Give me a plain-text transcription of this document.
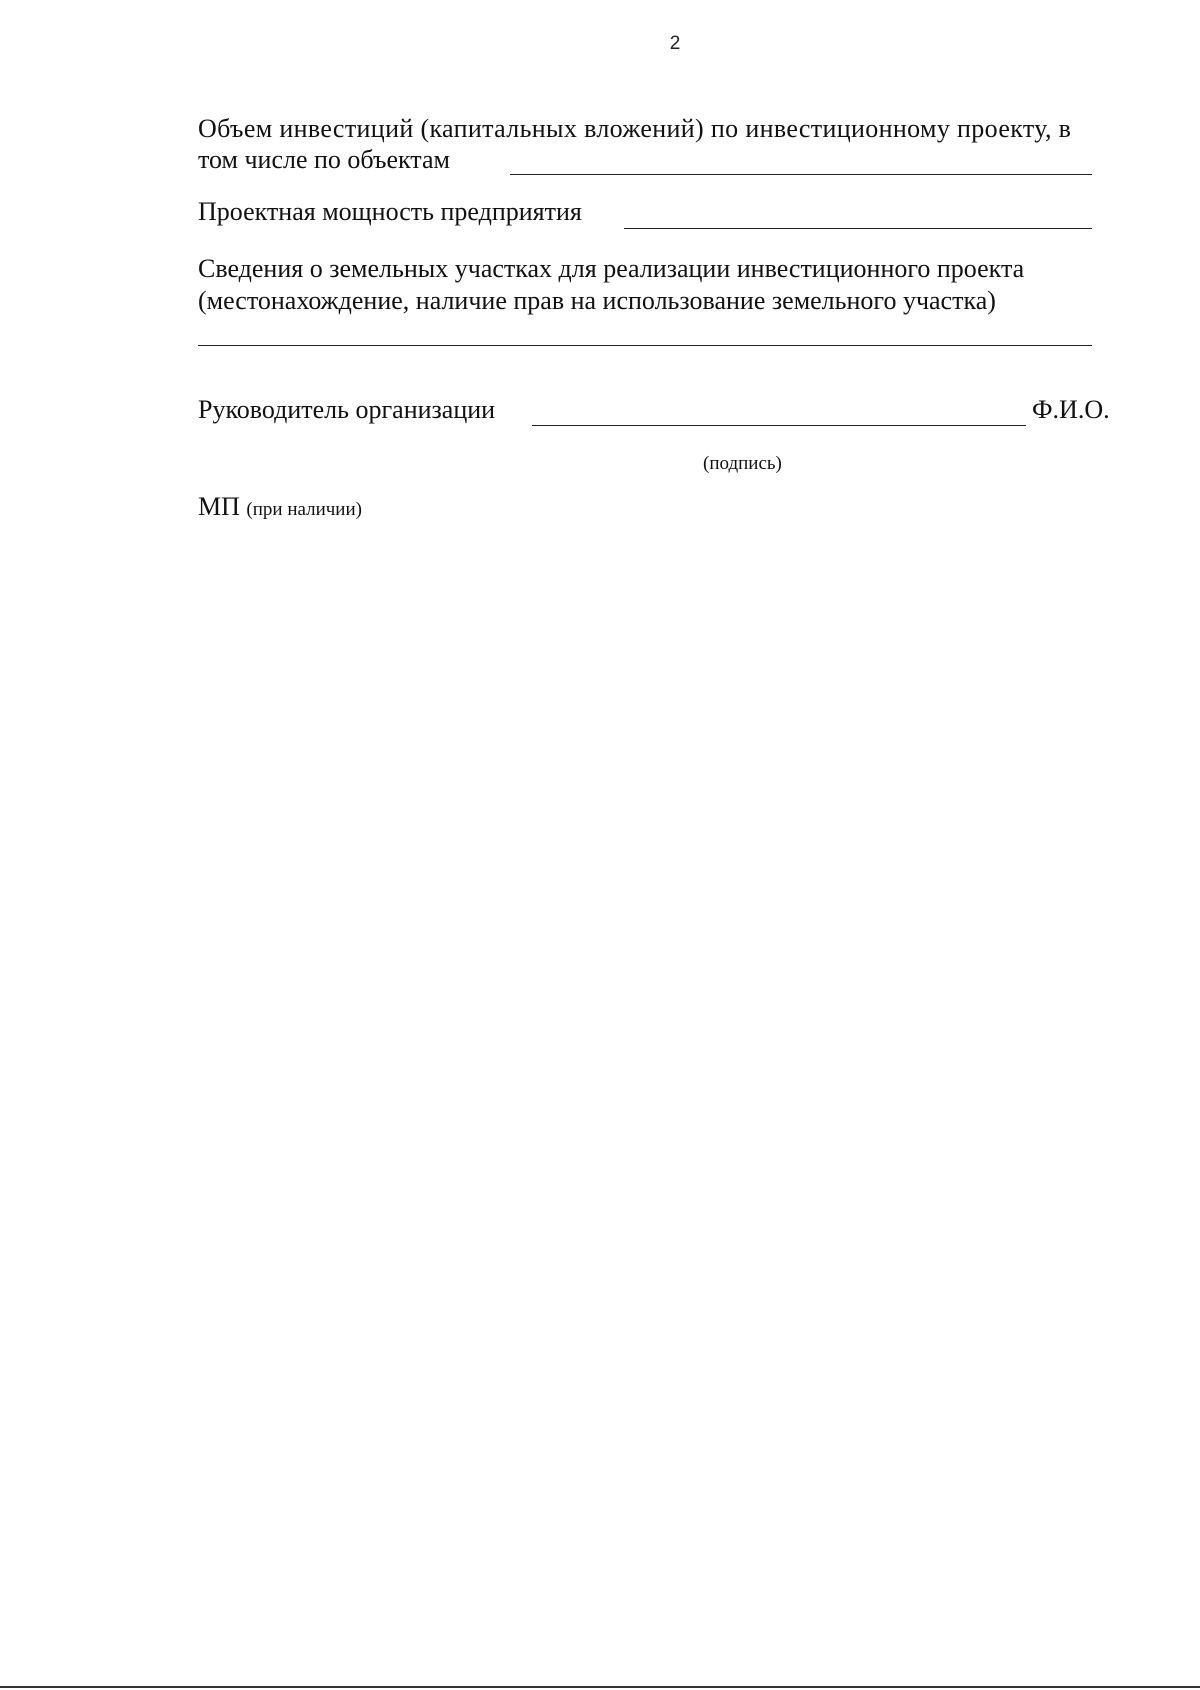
2
Объем инвестиций (капитальных вложений) по инвестиционному проекту, в
том числе по объектам
Проектная мощность предприятия
Сведения о земельных участках для реализации инвестиционного проекта
(местонахождение, наличие прав на использование земельного участка)
Руководитель организации	Ф.И.О.
(подпись)
МП (при наличии)
